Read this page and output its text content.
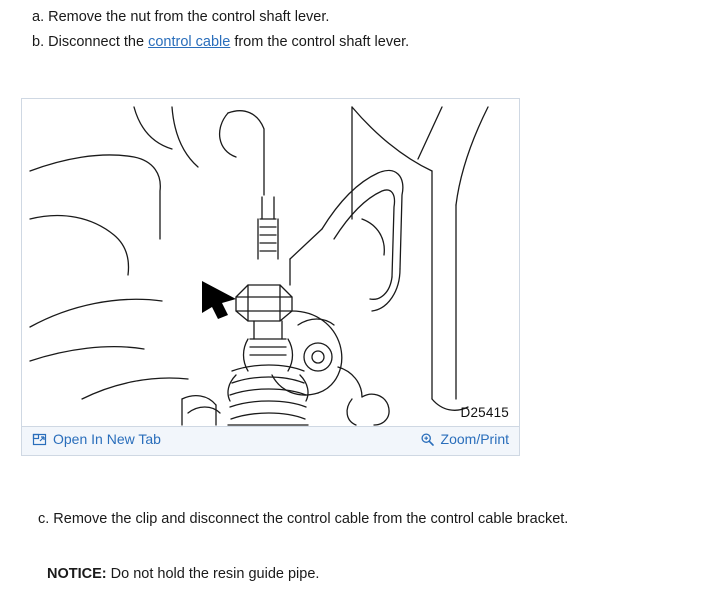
a. Remove the nut from the control shaft lever.
b. Disconnect the control cable from the control shaft lever.
D25415
Open In New Tab	Zoom/Print
c. Remove the clip and disconnect the control cable from the control cable bracket.
NOTICE: Do not hold the resin guide pipe.
